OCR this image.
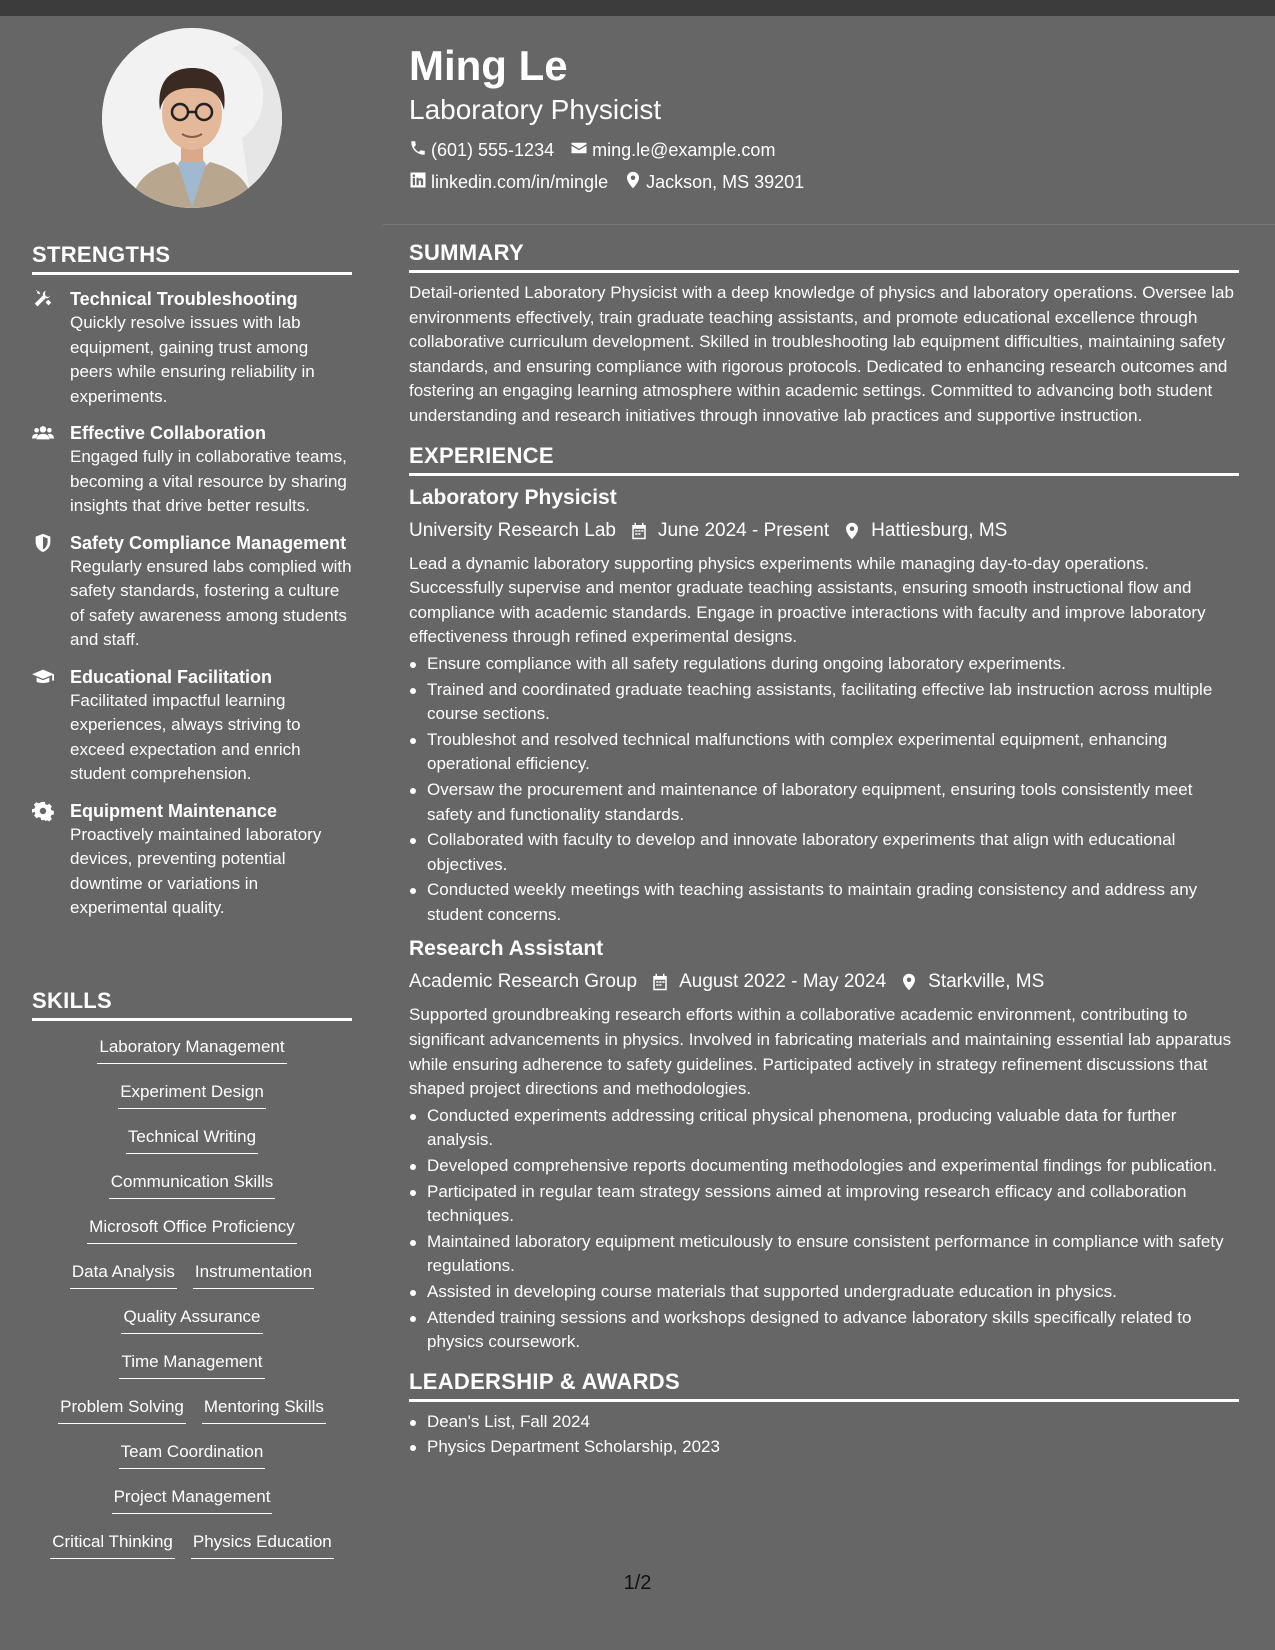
STRENGTHS
Technical Troubleshooting
Quickly resolve issues with lab equipment, gaining trust among peers while ensuring reliability in experiments.
Effective Collaboration
Engaged fully in collaborative teams, becoming a vital resource by sharing insights that drive better results.
Safety Compliance Management
Regularly ensured labs complied with safety standards, fostering a culture of safety awareness among students and staff.
Educational Facilitation
Facilitated impactful learning experiences, always striving to exceed expectation and enrich student comprehension.
Equipment Maintenance
Proactively maintained laboratory devices, preventing potential downtime or variations in experimental quality.
SKILLS
Laboratory Management
Experiment Design
Technical Writing
Communication Skills
Microsoft Office Proficiency
Data Analysis Instrumentation
Quality Assurance
Time Management
Problem Solving Mentoring Skills
Team Coordination
Project Management
Critical Thinking Physics Education
Ming Le
Laboratory Physicist
(601) 555-1234 ming.le@example.com
linkedin.com/in/mingle Jackson, MS 39201
SUMMARY
Detail-oriented Laboratory Physicist with a deep knowledge of physics and laboratory operations. Oversee lab environments effectively, train graduate teaching assistants, and promote educational excellence through collaborative curriculum development. Skilled in troubleshooting lab equipment difficulties, maintaining safety standards, and ensuring compliance with rigorous protocols. Dedicated to enhancing research outcomes and fostering an engaging learning atmosphere within academic settings. Committed to advancing both student understanding and research initiatives through innovative lab practices and supportive instruction.
EXPERIENCE
Laboratory Physicist
University Research Lab June 2024 - Present Hattiesburg, MS
Lead a dynamic laboratory supporting physics experiments while managing day-to-day operations. Successfully supervise and mentor graduate teaching assistants, ensuring smooth instructional flow and compliance with academic standards. Engage in proactive interactions with faculty and improve laboratory effectiveness through refined experimental designs.
Ensure compliance with all safety regulations during ongoing laboratory experiments.
Trained and coordinated graduate teaching assistants, facilitating effective lab instruction across multiple course sections.
Troubleshot and resolved technical malfunctions with complex experimental equipment, enhancing operational efficiency.
Oversaw the procurement and maintenance of laboratory equipment, ensuring tools consistently meet safety and functionality standards.
Collaborated with faculty to develop and innovate laboratory experiments that align with educational objectives.
Conducted weekly meetings with teaching assistants to maintain grading consistency and address any student concerns.
Research Assistant
Academic Research Group August 2022 - May 2024 Starkville, MS
Supported groundbreaking research efforts within a collaborative academic environment, contributing to significant advancements in physics. Involved in fabricating materials and maintaining essential lab apparatus while ensuring adherence to safety guidelines. Participated actively in strategy refinement discussions that shaped project directions and methodologies.
Conducted experiments addressing critical physical phenomena, producing valuable data for further analysis.
Developed comprehensive reports documenting methodologies and experimental findings for publication.
Participated in regular team strategy sessions aimed at improving research efficacy and collaboration techniques.
Maintained laboratory equipment meticulously to ensure consistent performance in compliance with safety regulations.
Assisted in developing course materials that supported undergraduate education in physics.
Attended training sessions and workshops designed to advance laboratory skills specifically related to physics coursework.
LEADERSHIP & AWARDS
Dean's List, Fall 2024
Physics Department Scholarship, 2023
1/2
